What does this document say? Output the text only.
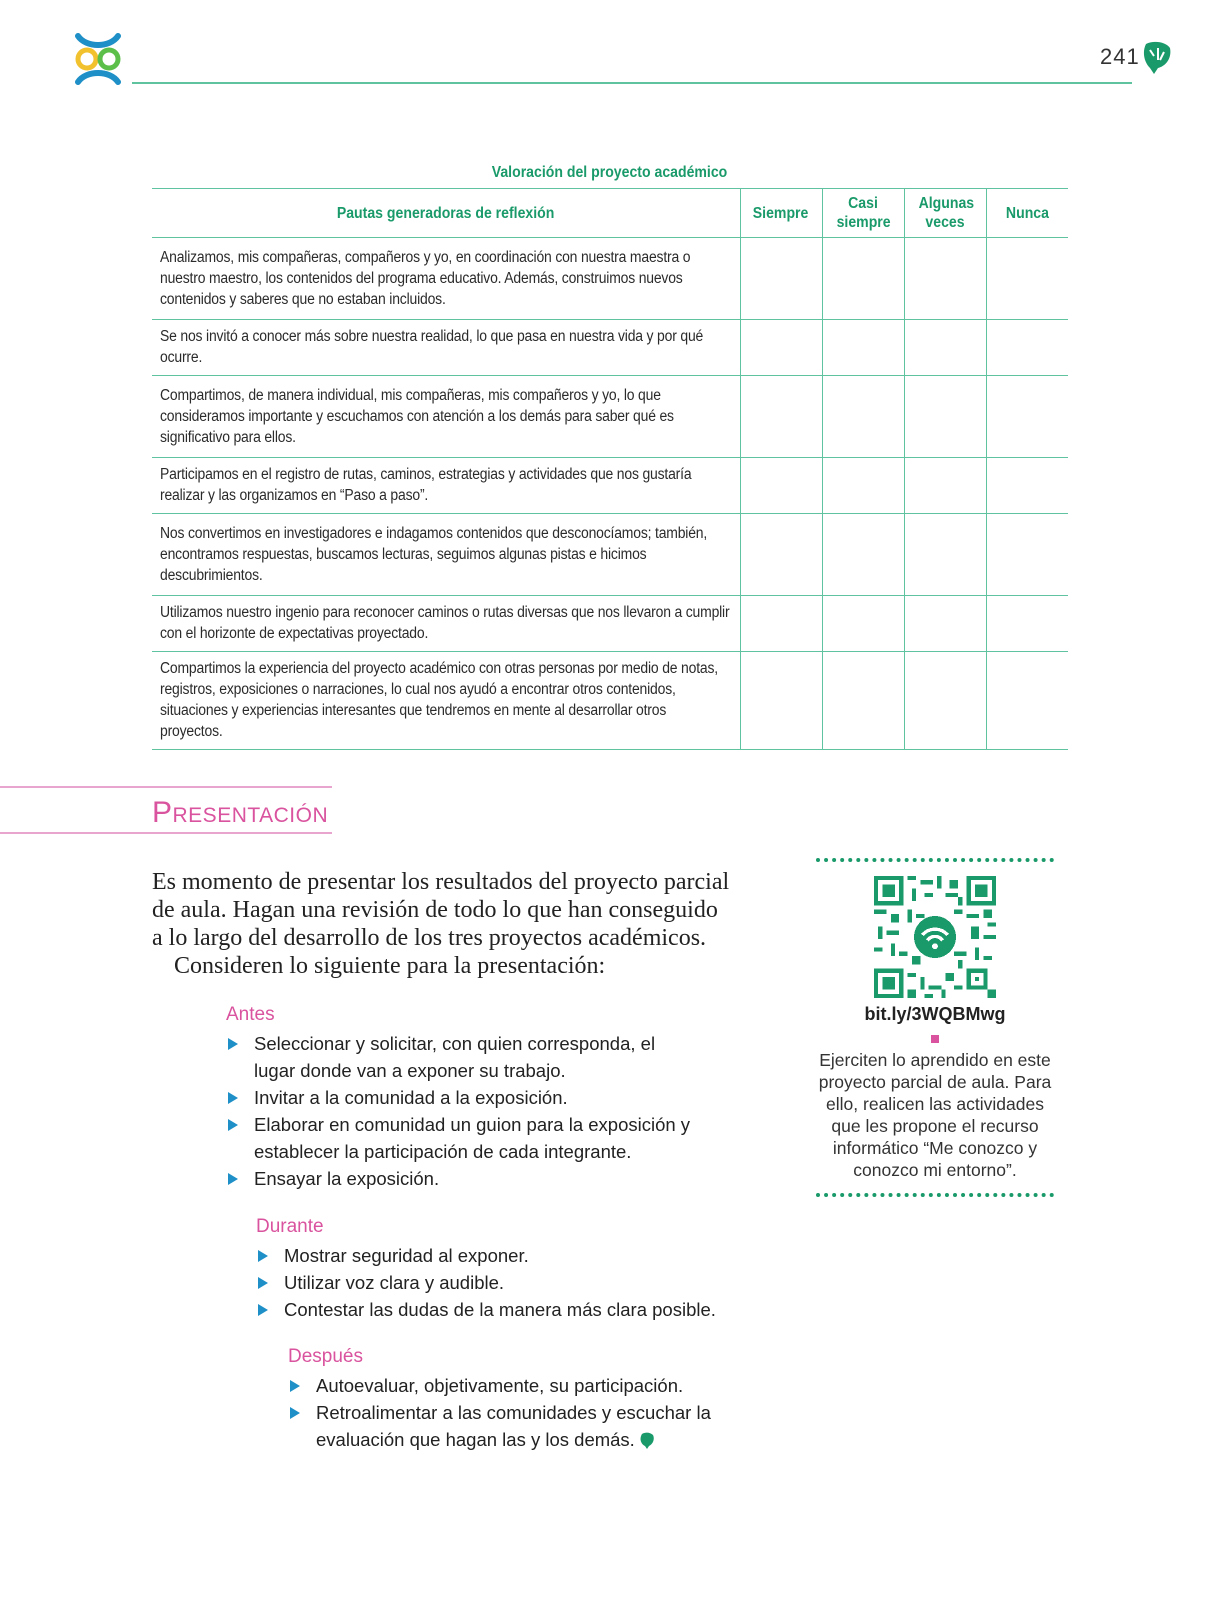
241
Valoración del proyecto académico
Pautas generadoras de reflexión	Siempre	Casi siempre	Algunas veces	Nunca

Analizamos, mis compañeras, compañeros y yo, en coordinación con nuestra maestra o nuestro maestro, los contenidos del programa educativo. Además, construimos nuevos contenidos y saberes que no estaban incluidos.				

Se nos invitó a conocer más sobre nuestra realidad, lo que pasa en nuestra vida y por qué ocurre.				

Compartimos, de manera individual, mis compañeras, mis compañeros y yo, lo que consideramos importante y escuchamos con atención a los demás para saber qué es significativo para ellos.				

Participamos en el registro de rutas, caminos, estrategias y actividades que nos gustaría realizar y las organizamos en “Paso a paso”.				

Nos convertimos en investigadores e indagamos contenidos que desconocíamos; también, encontramos respuestas, buscamos lecturas, seguimos algunas pistas e hicimos descubrimientos.				

Utilizamos nuestro ingenio para reconocer caminos o rutas diversas que nos llevaron a cumplir con el horizonte de expectativas proyectado.				

Compartimos la experiencia del proyecto académico con otras personas por medio de notas, registros, exposiciones o narraciones, lo cual nos ayudó a encontrar otros contenidos, situaciones y experiencias interesantes que tendremos en mente al desarrollar otros proyectos.				

Presentación

Es momento de presentar los resultados del proyecto parcial de aula. Hagan una revisión de todo lo que han conseguido a lo largo del desarrollo de los tres proyectos académicos.

Consideren lo siguiente para la presentación:

Antes
Seleccionar y solicitar, con quien corresponda, el lugar donde van a exponer su trabajo.
Invitar a la comunidad a la exposición.
Elaborar en comunidad un guion para la exposición y establecer la participación de cada integrante.
Ensayar la exposición.
Durante
Mostrar seguridad al exponer.
Utilizar voz clara y audible.
Contestar las dudas de la manera más clara posible.
Después
Autoevaluar, objetivamente, su participación.
Retroalimentar a las comunidades y escuchar la evaluación que hagan las y los demás.
bit.ly/3WQBMwg
Ejerciten lo aprendido en este proyecto parcial de aula. Para ello, realicen las actividades que les propone el recurso informático “Me conozco y conozco mi entorno”.
